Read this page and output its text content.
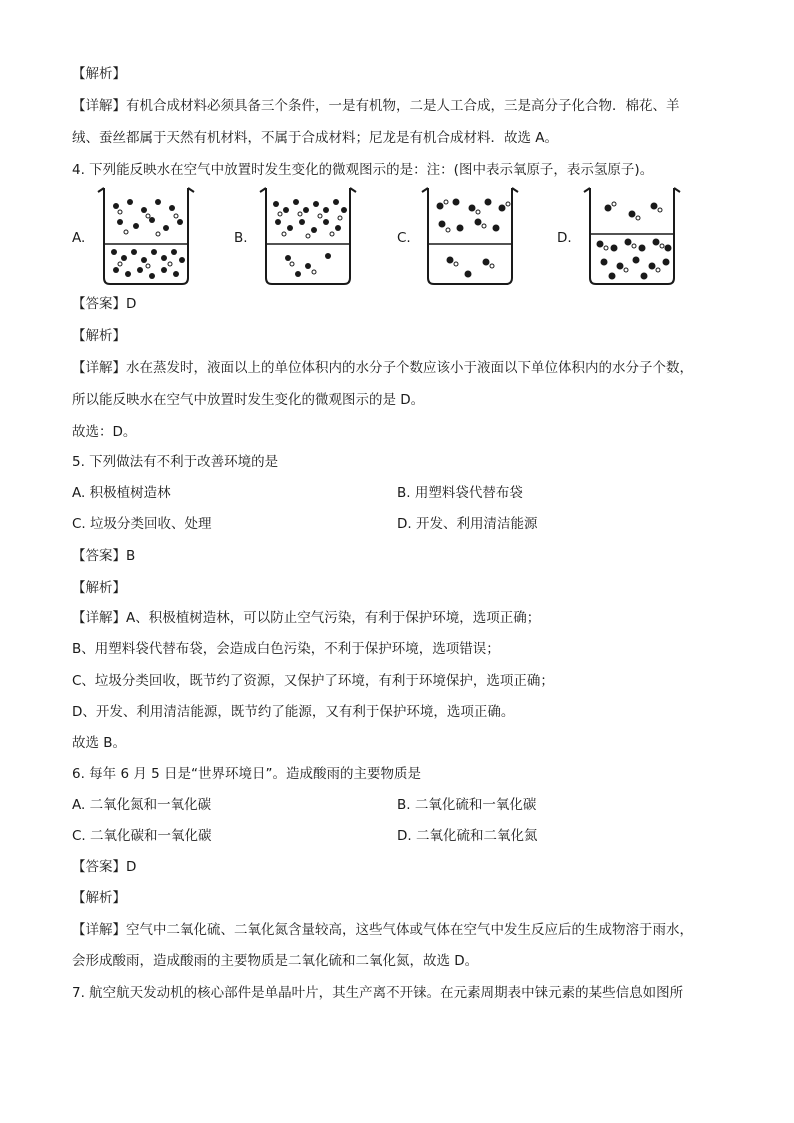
【解析】
【详解】有机合成材料必须具备三个条件，一是有机物，二是人工合成，三是高分子化合物．棉花、羊
绒、蚕丝都属于天然有机材料，不属于合成材料；尼龙是有机合成材料．故选 A。
4. 下列能反映水在空气中放置时发生变化的微观图示的是：注：(图中表示氧原子，表示氢原子)。
A.	B.	C.	D.
【答案】D
【解析】
【详解】水在蒸发时，液面以上的单位体积内的水分子个数应该小于液面以下单位体积内的水分子个数，
所以能反映水在空气中放置时发生变化的微观图示的是 D。
故选：D。
5. 下列做法有不利于改善环境的是
A. 积极植树造林	B. 用塑料袋代替布袋
C. 垃圾分类回收、处理	D. 开发、利用清洁能源
【答案】B
【解析】
【详解】A、积极植树造林，可以防止空气污染，有利于保护环境，选项正确；
B、用塑料袋代替布袋，会造成白色污染，不利于保护环境，选项错误；
C、垃圾分类回收，既节约了资源，又保护了环境，有利于环境保护，选项正确；
D、开发、利用清洁能源，既节约了能源，又有利于保护环境，选项正确。
故选 B。
6. 每年 6 月 5 日是“世界环境日”。造成酸雨的主要物质是
A. 二氧化氮和一氧化碳	B. 二氧化硫和一氧化碳
C. 二氧化碳和一氧化碳	D. 二氧化硫和二氧化氮
【答案】D
【解析】
【详解】空气中二氧化硫、二氧化氮含量较高，这些气体或气体在空气中发生反应后的生成物溶于雨水，
会形成酸雨，造成酸雨的主要物质是二氧化硫和二氧化氮，故选 D。
7. 航空航天发动机的核心部件是单晶叶片，其生产离不开铼。在元素周期表中铼元素的某些信息如图所
